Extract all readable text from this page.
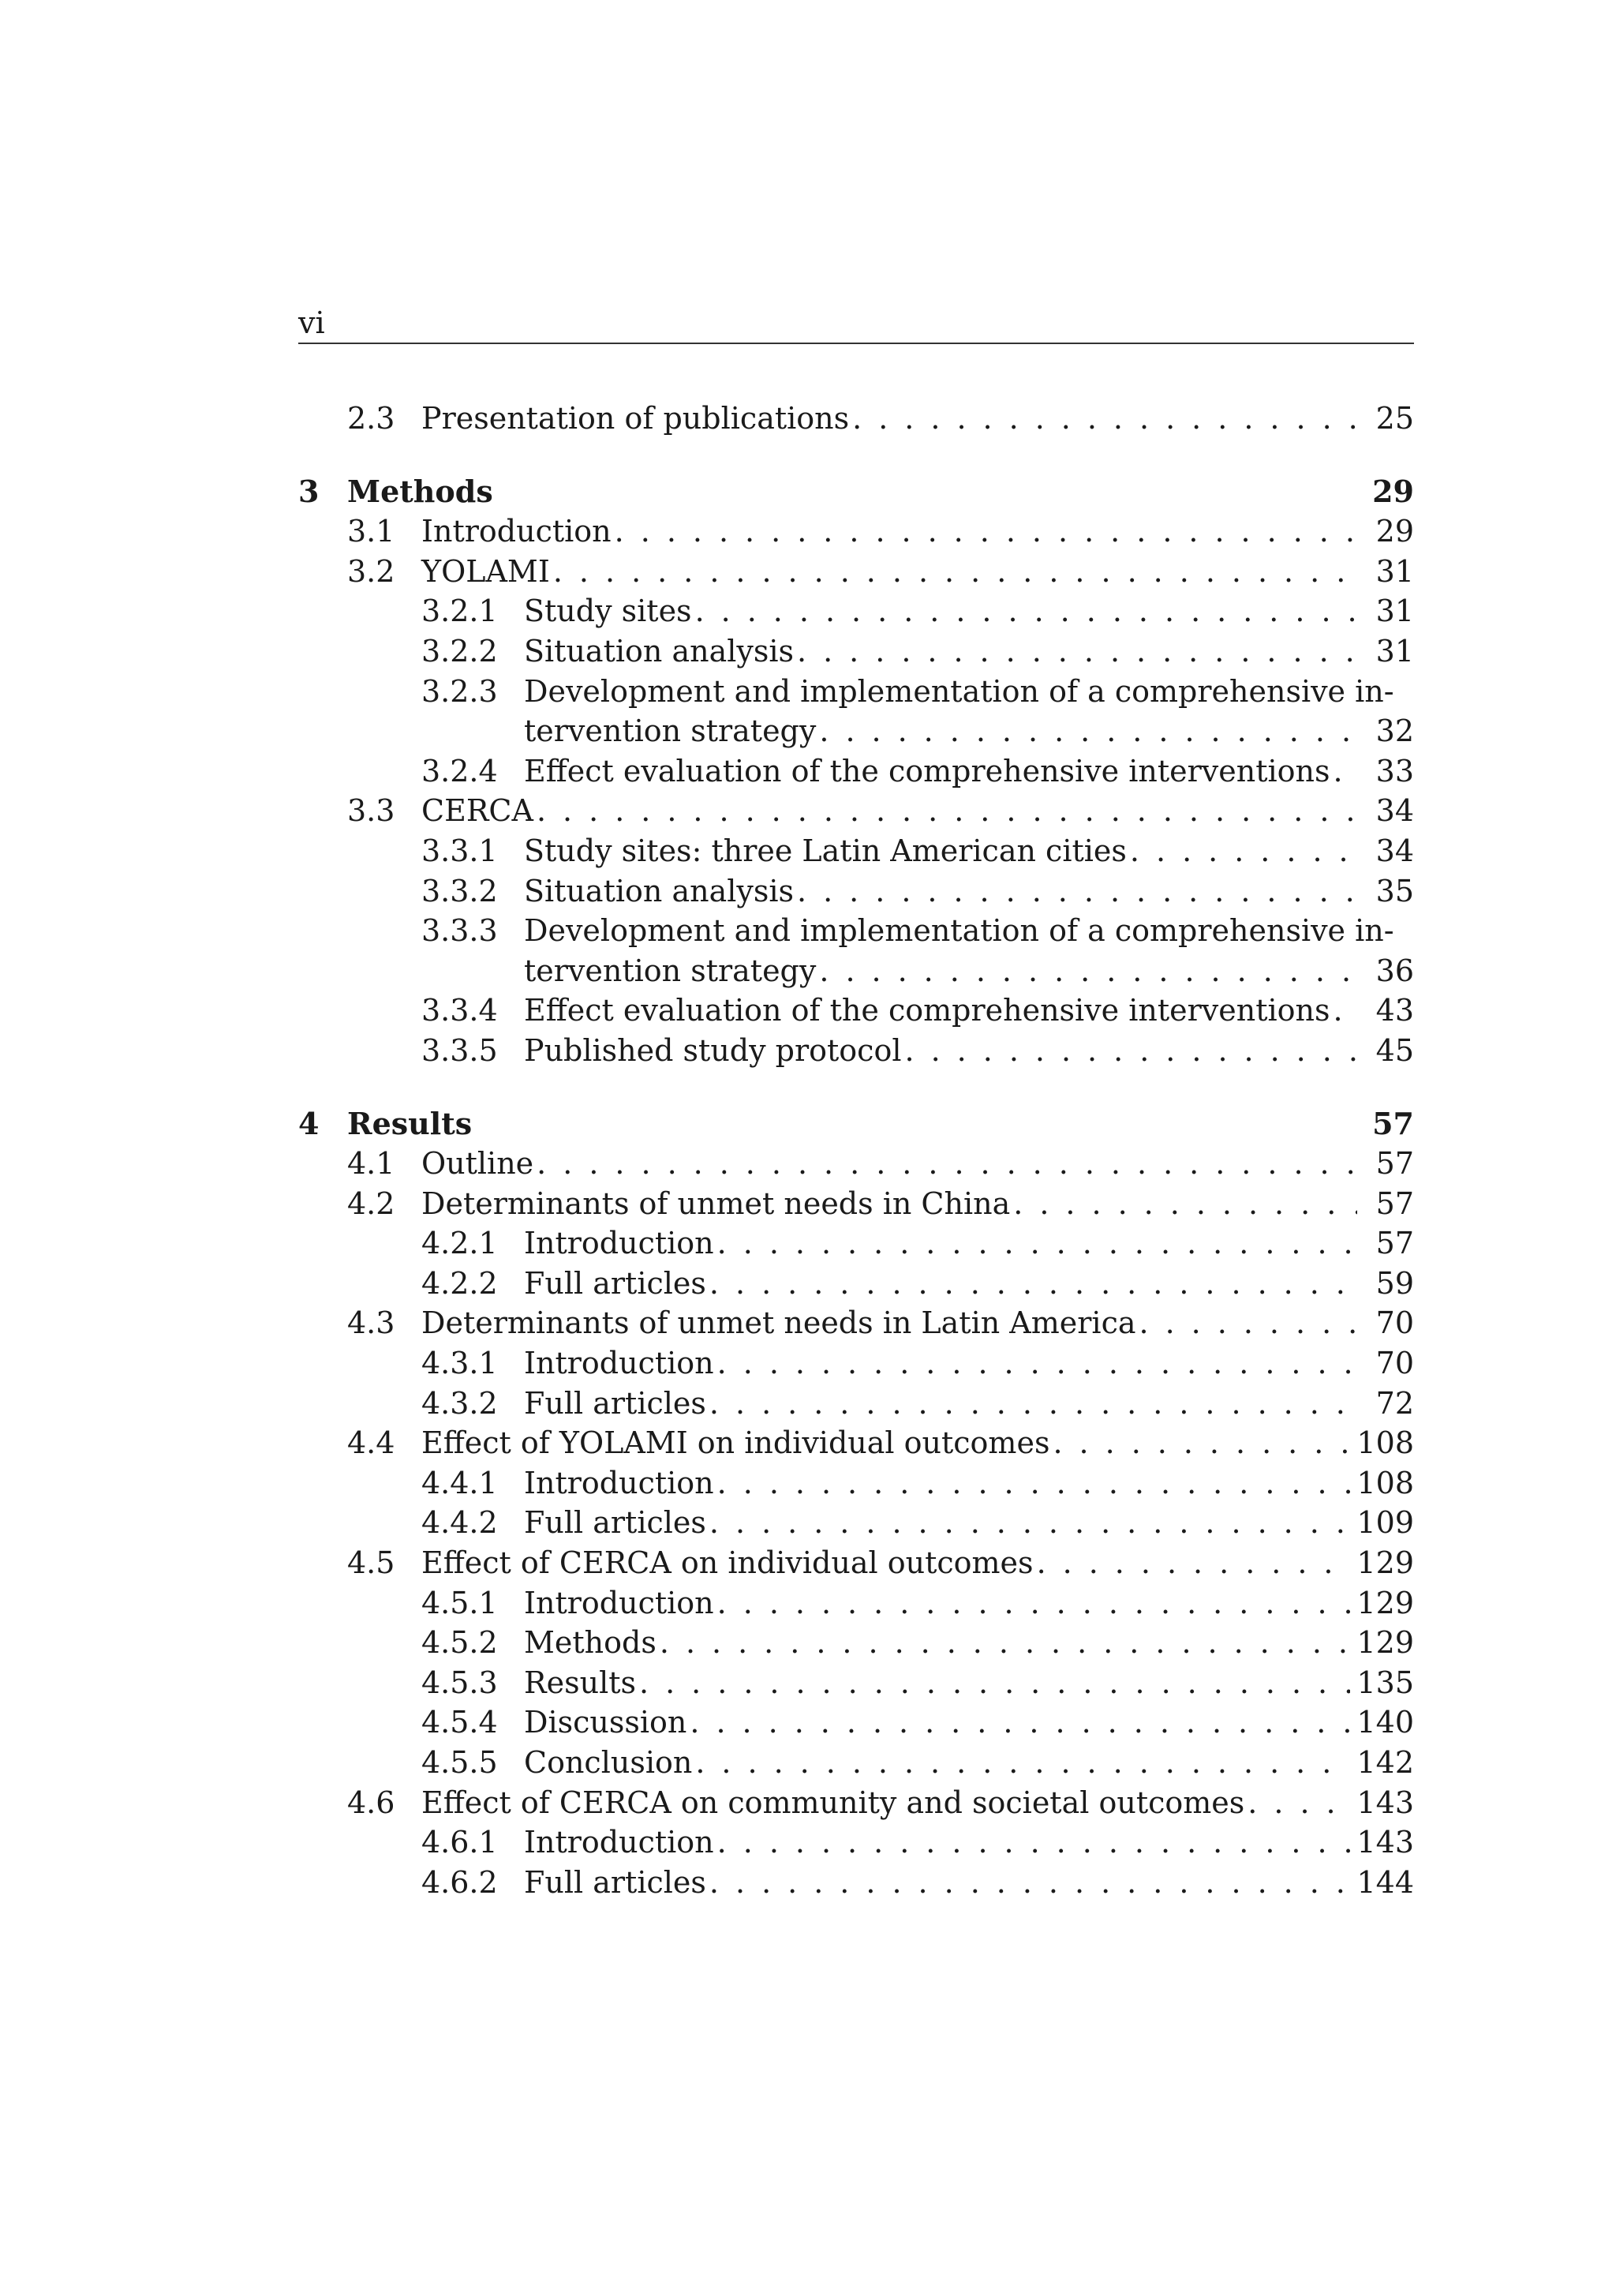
vi
2.3 Presentation of publications .....	25
3 Methods	29
3.1 Introduction .....	29
3.2 YOLAMI .....	31
3.2.1 Study sites .....	31
3.2.2 Situation analysis .....	31
3.2.3 Development and implementation of a comprehensive in-
tervention strategy .....	32
3.2.4 Effect evaluation of the comprehensive interventions .....	33
3.3 CERCA .....	34
3.3.1 Study sites: three Latin American cities .....	34
3.3.2 Situation analysis .....	35
3.3.3 Development and implementation of a comprehensive in-
tervention strategy .....	36
3.3.4 Effect evaluation of the comprehensive interventions .....	43
3.3.5 Published study protocol .....	45
4 Results	57
4.1 Outline .....	57
4.2 Determinants of unmet needs in China .....	57
4.2.1 Introduction .....	57
4.2.2 Full articles .....	59
4.3 Determinants of unmet needs in Latin America .....	70
4.3.1 Introduction .....	70
4.3.2 Full articles .....	72
4.4 Effect of YOLAMI on individual outcomes .....	108
4.4.1 Introduction .....	108
4.4.2 Full articles .....	109
4.5 Effect of CERCA on individual outcomes .....	129
4.5.1 Introduction .....	129
4.5.2 Methods .....	129
4.5.3 Results .....	135
4.5.4 Discussion .....	140
4.5.5 Conclusion .....	142
4.6 Effect of CERCA on community and societal outcomes .....	143
4.6.1 Introduction .....	143
4.6.2 Full articles .....	144
